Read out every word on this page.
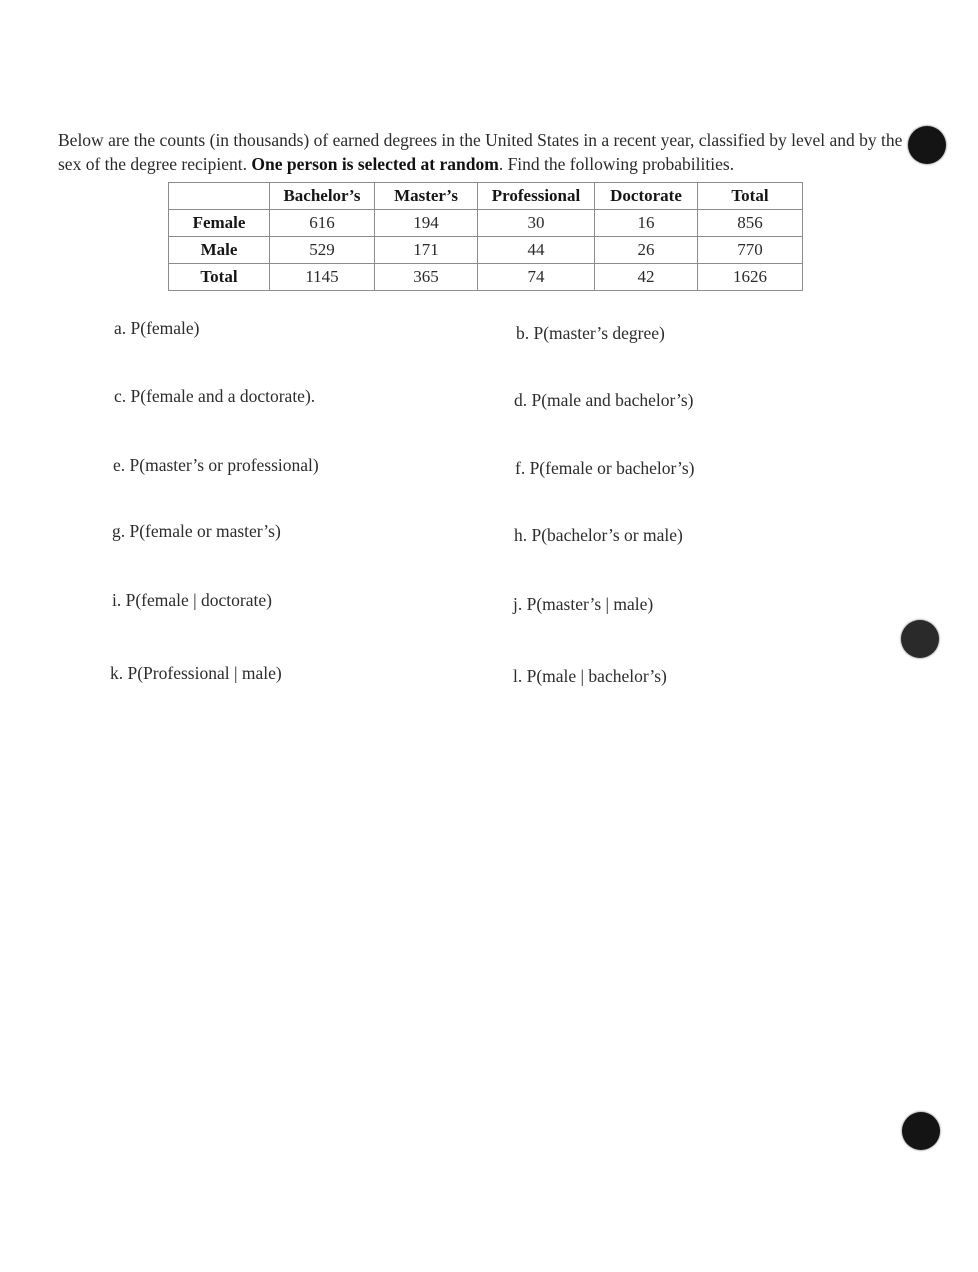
Below are the counts (in thousands) of earned degrees in the United States in a recent year, classified by level and by the sex of the degree recipient. One person is selected at random. Find the following probabilities.

	Bachelor’s	Master’s	Professional	Doctorate	Total
Female	616	194	30	16	856
Male	529	171	44	26	770
Total	1145	365	74	42	1626
a. P(female)	b. P(master’s degree)
c. P(female and a doctorate).	d. P(male and bachelor’s)
e. P(master’s or professional)	f. P(female or bachelor’s)
g. P(female or master’s)	h. P(bachelor’s or male)
i. P(female | doctorate)	j. P(master’s | male)
k. P(Professional | male)	l. P(male | bachelor’s)
